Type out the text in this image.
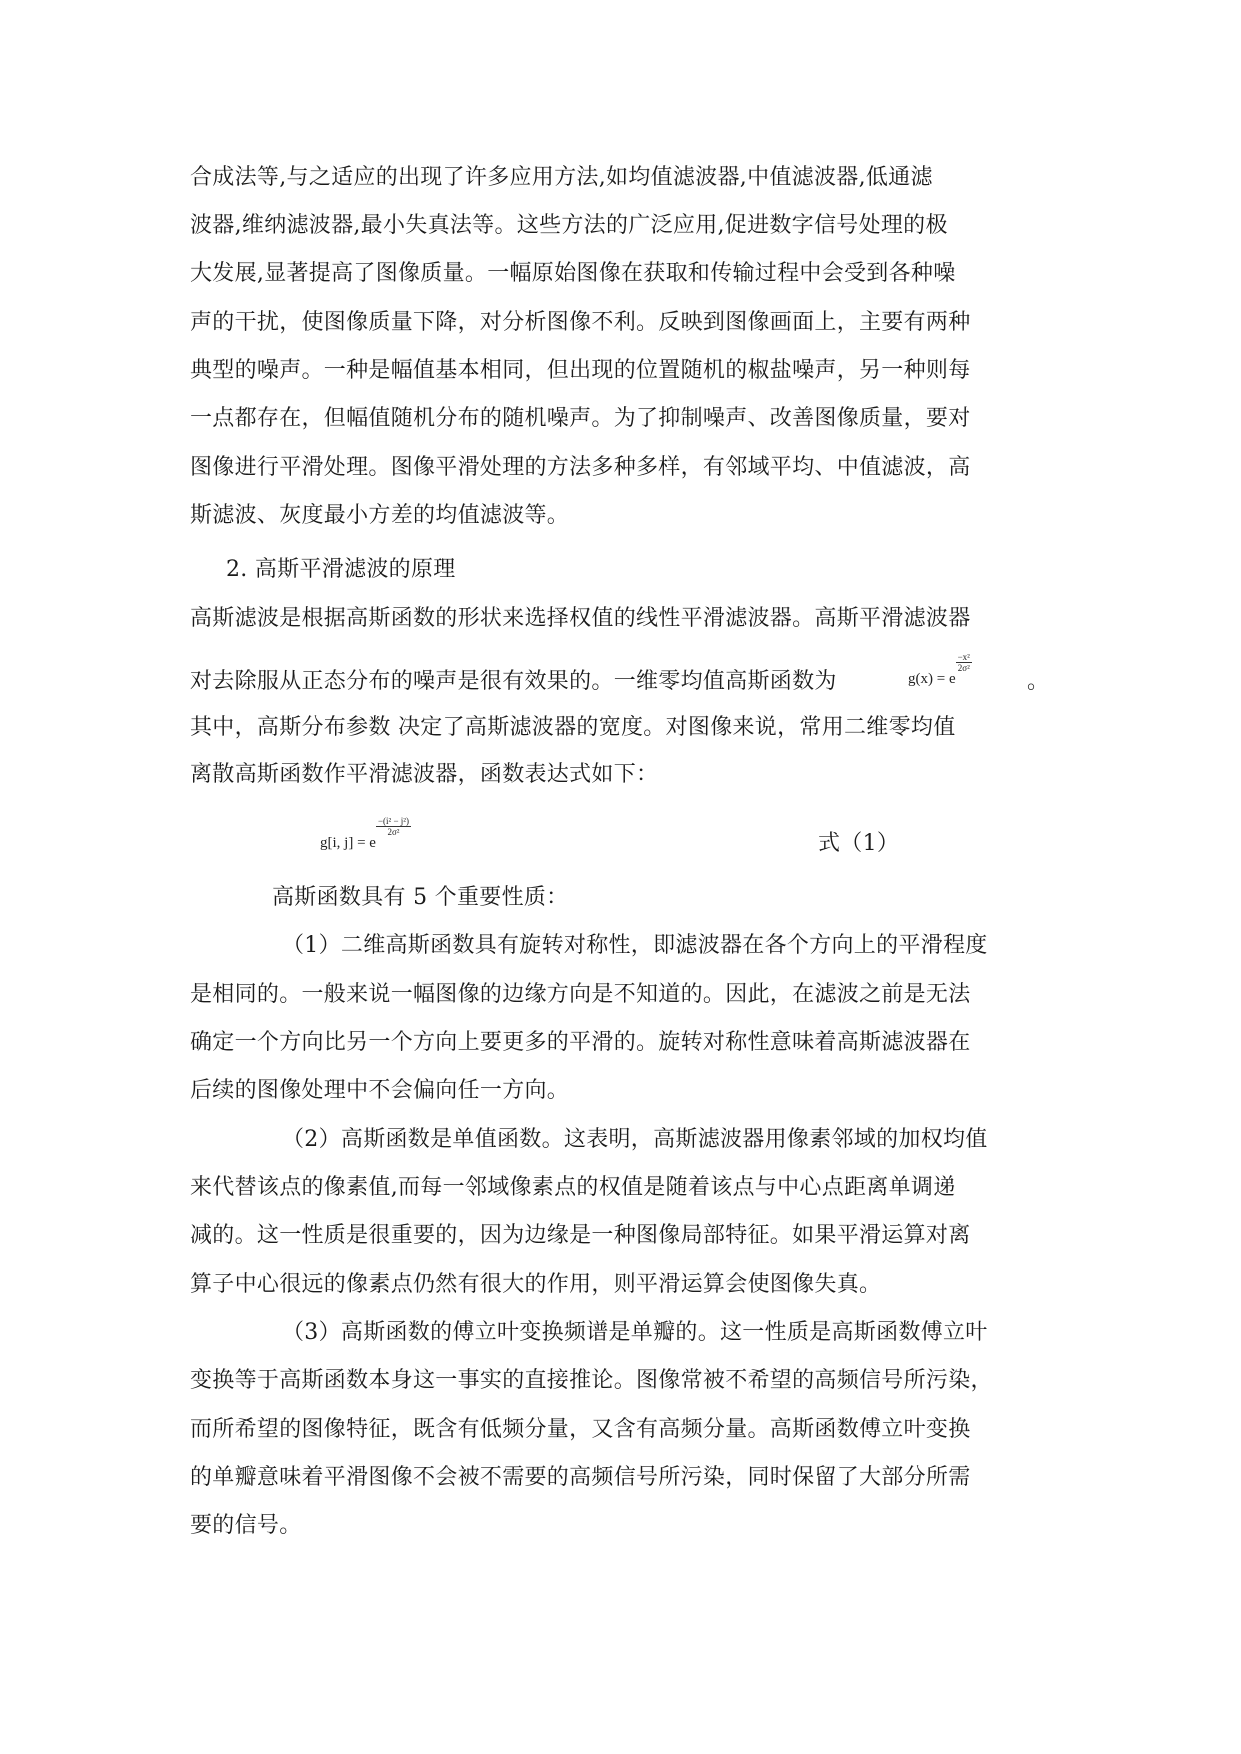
合成法等,与之适应的出现了许多应用方法,如均值滤波器,中值滤波器,低通滤
波器,维纳滤波器,最小失真法等。这些方法的广泛应用,促进数字信号处理的极
大发展,显著提高了图像质量。一幅原始图像在获取和传输过程中会受到各种噪
声的干扰，使图像质量下降，对分析图像不利。反映到图像画面上，主要有两种
典型的噪声。一种是幅值基本相同，但出现的位置随机的椒盐噪声，另一种则每
一点都存在，但幅值随机分布的随机噪声。为了抑制噪声、改善图像质量，要对
图像进行平滑处理。图像平滑处理的方法多种多样，有邻域平均、中值滤波，高
斯滤波、灰度最小方差的均值滤波等。
2. 高斯平滑滤波的原理
高斯滤波是根据高斯函数的形状来选择权值的线性平滑滤波器。高斯平滑滤波器
对去除服从正态分布的噪声是很有效果的。一维零均值高斯函数为	g(x) = e
$\frac{\text{−x²}}{\text{2σ²}}$
。
其中，高斯分布参数 决定了高斯滤波器的宽度。对图像来说，常用二维零均值
离散高斯函数作平滑滤波器，函数表达式如下：
g[i, j] = e
$\frac{\text{−(i² − j²)}}{\text{2σ²}}$
式（1）
高斯函数具有 5 个重要性质：
（1）二维高斯函数具有旋转对称性，即滤波器在各个方向上的平滑程度
是相同的。一般来说一幅图像的边缘方向是不知道的。因此，在滤波之前是无法
确定一个方向比另一个方向上要更多的平滑的。旋转对称性意味着高斯滤波器在
后续的图像处理中不会偏向任一方向。
（2）高斯函数是单值函数。这表明，高斯滤波器用像素邻域的加权均值
来代替该点的像素值,而每一邻域像素点的权值是随着该点与中心点距离单调递
减的。这一性质是很重要的，因为边缘是一种图像局部特征。如果平滑运算对离
算子中心很远的像素点仍然有很大的作用，则平滑运算会使图像失真。
（3）高斯函数的傅立叶变换频谱是单瓣的。这一性质是高斯函数傅立叶
变换等于高斯函数本身这一事实的直接推论。图像常被不希望的高频信号所污染，
而所希望的图像特征，既含有低频分量，又含有高频分量。高斯函数傅立叶变换
的单瓣意味着平滑图像不会被不需要的高频信号所污染，同时保留了大部分所需
要的信号。
